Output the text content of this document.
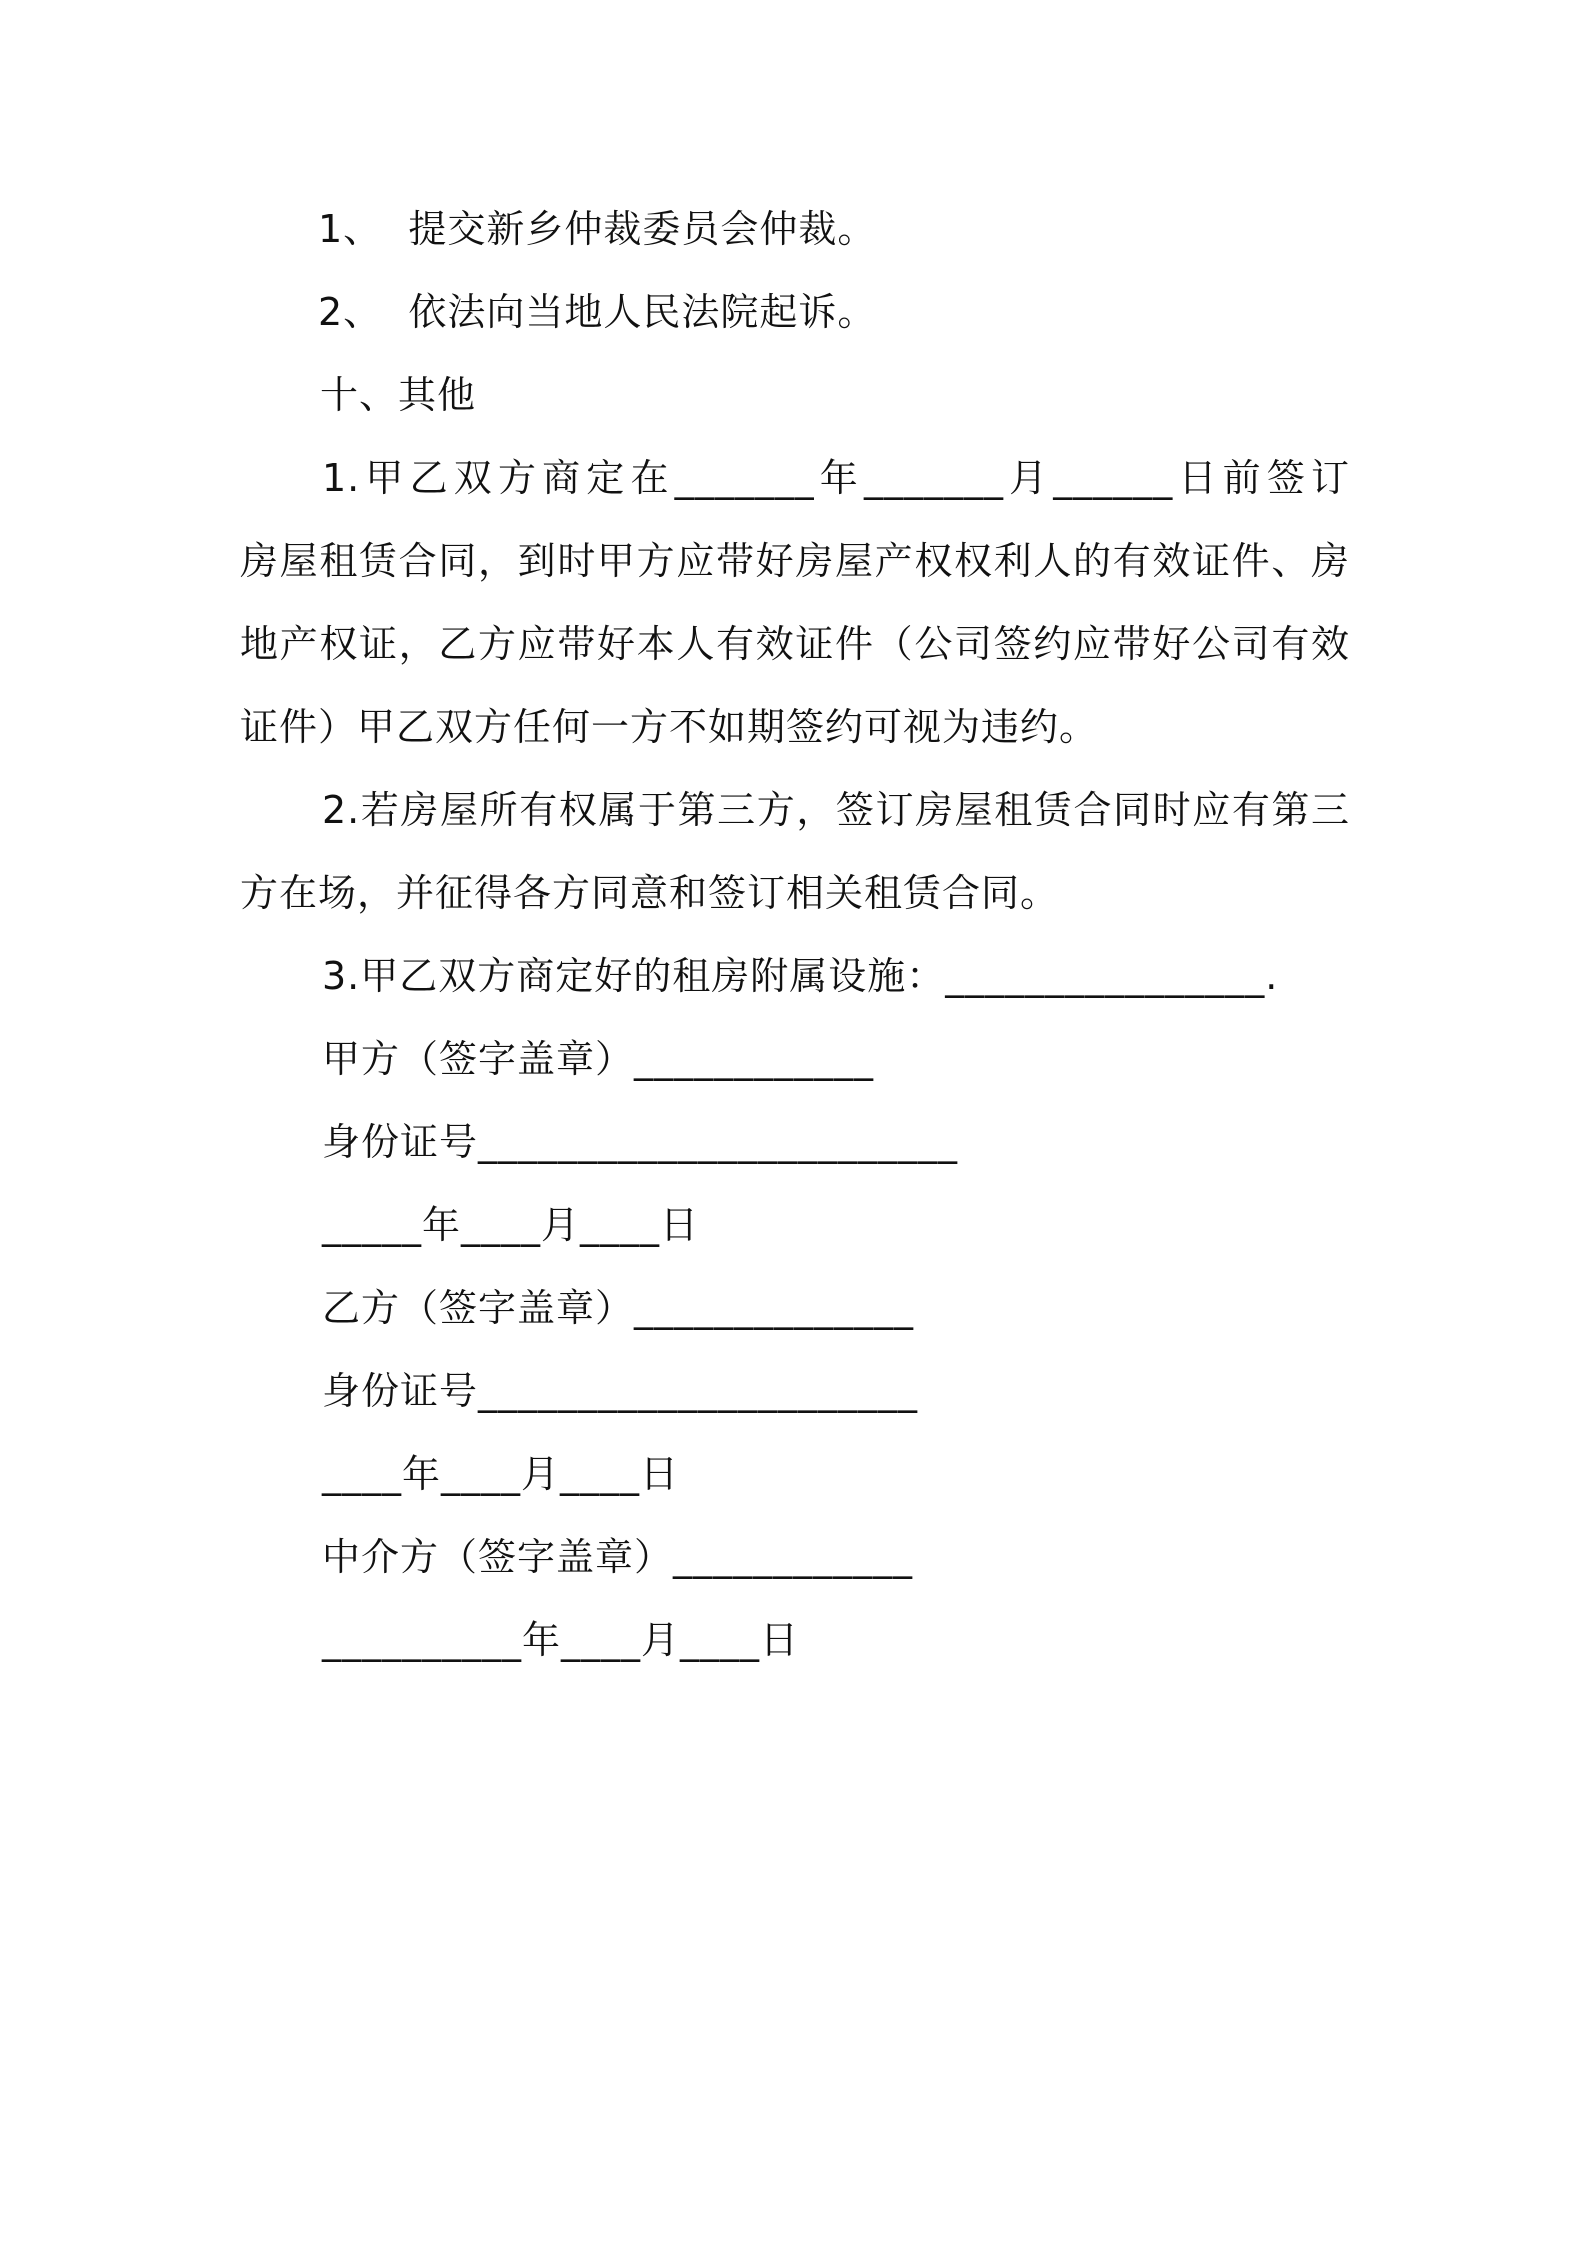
1、  提交新乡仲裁委员会仲裁。
2、  依法向当地人民法院起诉。
十、其他
1.甲乙双方商定在_______年_______月______日前签订
房屋租赁合同，到时甲方应带好房屋产权权利人的有效证件、房
地产权证，乙方应带好本人有效证件（公司签约应带好公司有效
证件）甲乙双方任何一方不如期签约可视为违约。
2.若房屋所有权属于第三方，签订房屋租赁合同时应有第三
方在场，并征得各方同意和签订相关租赁合同。
3.甲乙双方商定好的租房附属设施：________________.
甲方（签字盖章）____________
身份证号________________________
_____年____月____日
乙方（签字盖章）______________
身份证号______________________
____年____月____日
中介方（签字盖章）____________
__________年____月____日
